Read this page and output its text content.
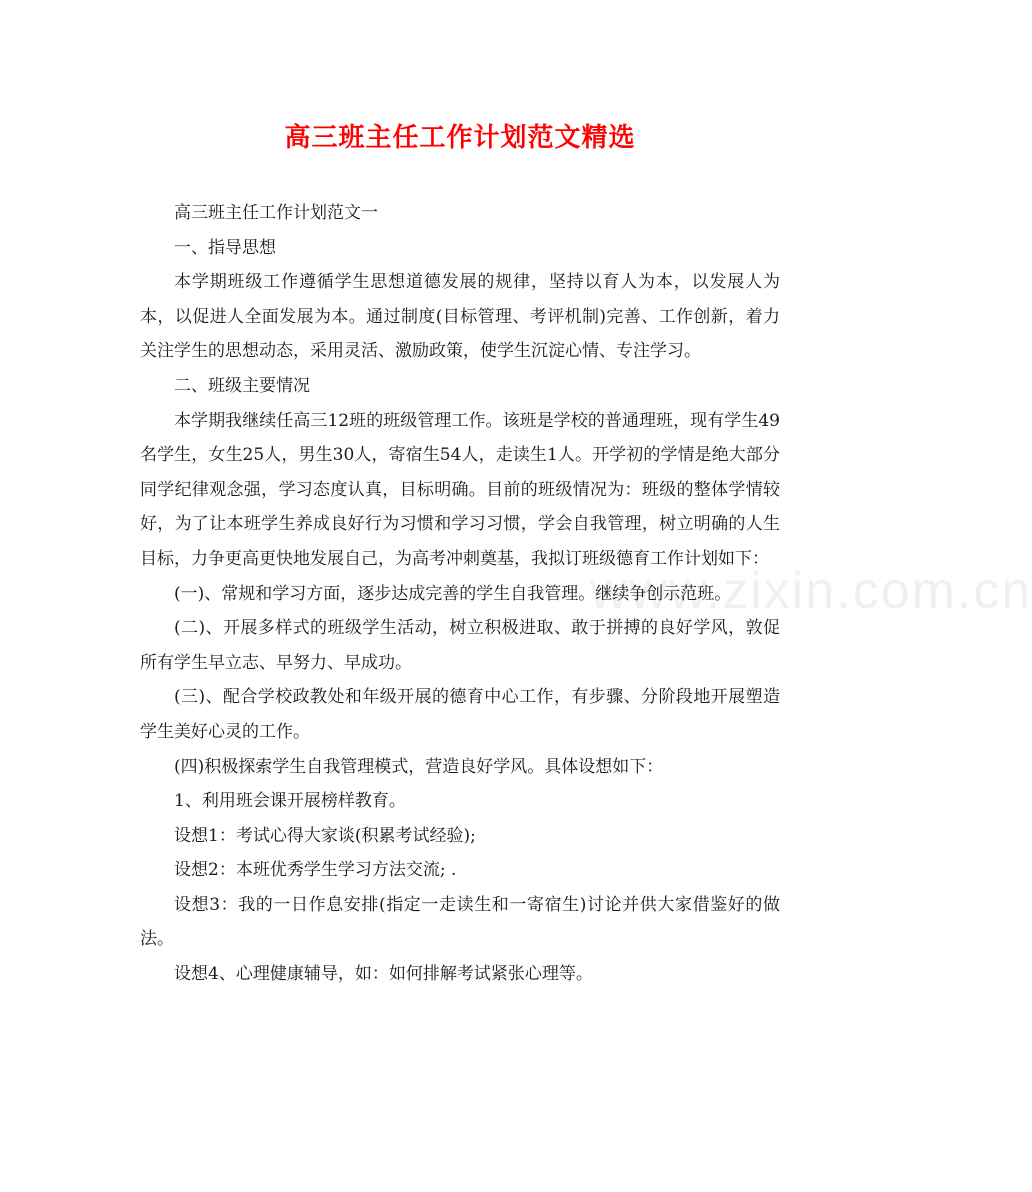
高三班主任工作计划范文精选
www.zixin.com.cn

高三班主任工作计划范文一

一、指导思想

本学期班级工作遵循学生思想道德发展的规律，坚持以育人为本，以发展人为本，以促进人全面发展为本。通过制度(目标管理、考评机制)完善、工作创新，着力关注学生的思想动态，采用灵活、激励政策，使学生沉淀心情、专注学习。

二、班级主要情况

本学期我继续任高三12班的班级管理工作。该班是学校的普通理班，现有学生49名学生，女生25人，男生30人，寄宿生54人，走读生1人。开学初的学情是绝大部分同学纪律观念强，学习态度认真，目标明确。目前的班级情况为：班级的整体学情较好，为了让本班学生养成良好行为习惯和学习习惯，学会自我管理，树立明确的人生目标，力争更高更快地发展自己，为高考冲刺奠基，我拟订班级德育工作计划如下：

(一)、常规和学习方面，逐步达成完善的学生自我管理。继续争创示范班。

(二)、开展多样式的班级学生活动，树立积极进取、敢于拼搏的良好学风，敦促所有学生早立志、早努力、早成功。

(三)、配合学校政教处和年级开展的德育中心工作，有步骤、分阶段地开展塑造学生美好心灵的工作。

(四)积极探索学生自我管理模式，营造良好学风。具体设想如下：

1、利用班会课开展榜样教育。

设想1：考试心得大家谈(积累考试经验);

设想2：本班优秀学生学习方法交流; .

设想3：我的一日作息安排(指定一走读生和一寄宿生)讨论并供大家借鉴好的做法。

设想4、心理健康辅导，如：如何排解考试紧张心理等。
